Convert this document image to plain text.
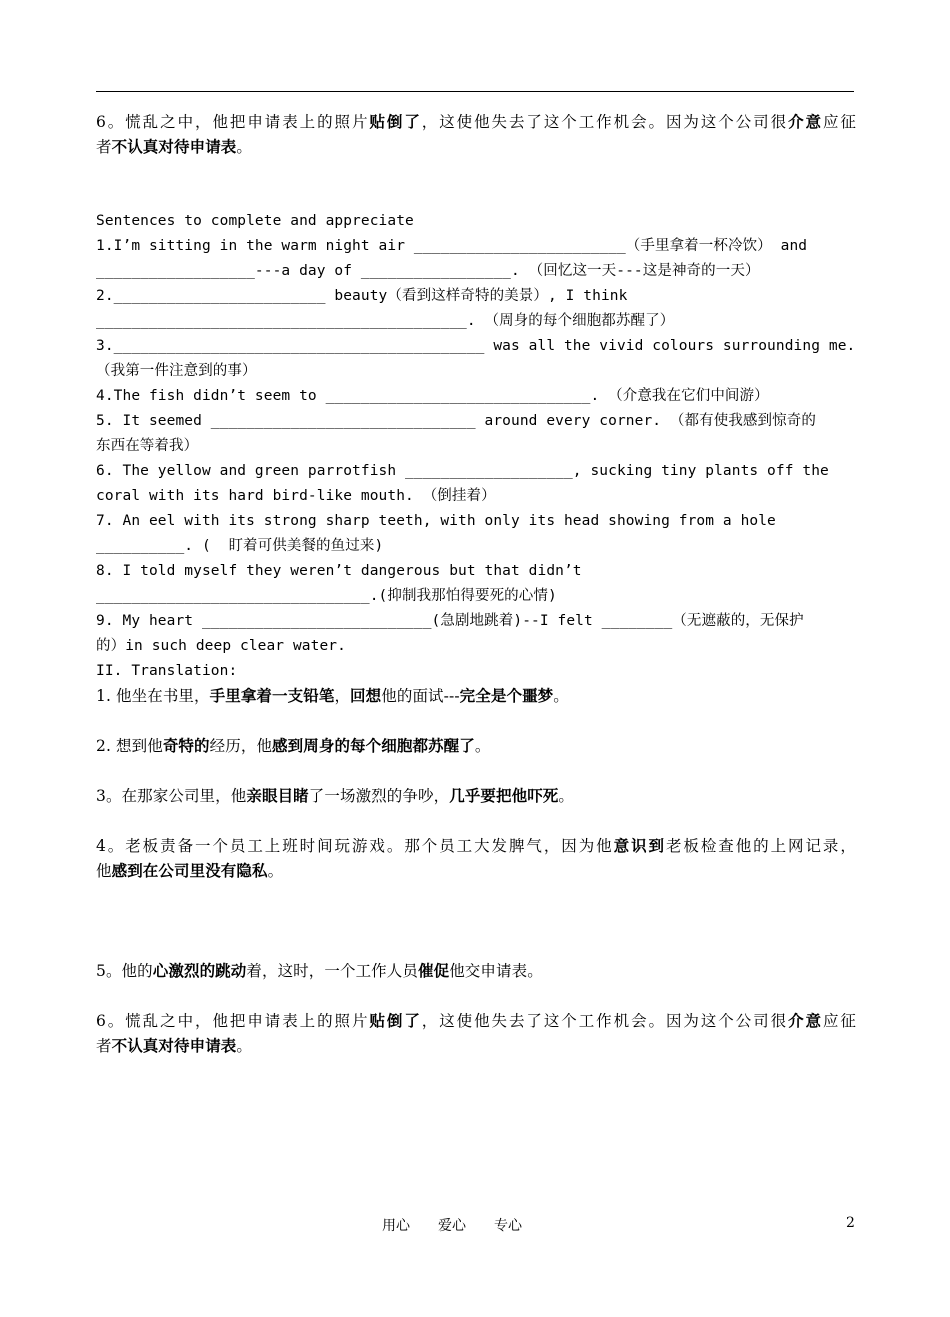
6。慌乱之中，他把申请表上的照片贴倒了，这使他失去了这个工作机会。因为这个公司很介意应征
者不认真对待申请表。
Sentences to complete and appreciate
1.I’m sitting in the warm night air ________________________（手里拿着一杯冷饮） and
__________________---a day of _________________. （回忆这一天---这是神奇的一天）
2.________________________ beauty（看到这样奇特的美景）, I think
__________________________________________. （周身的每个细胞都苏醒了）
3.__________________________________________ was all the vivid colours surrounding me.
（我第一件注意到的事）
4.The fish didn’t seem to ______________________________. （介意我在它们中间游）
5. It seemed ______________________________ around every corner. （都有使我感到惊奇的
东西在等着我）
6. The yellow and green parrotfish ___________________, sucking tiny plants off the
coral with its hard bird-like mouth. （倒挂着）
7. An eel with its strong sharp teeth, with only its head showing from a hole
__________. (  盯着可供美餐的鱼过来)
8. I told myself they weren’t dangerous but that didn’t
_______________________________.(抑制我那怕得要死的心情)
9. My heart __________________________(急剧地跳着)--I felt ________（无遮蔽的，无保护
的）in such deep clear water.
II. Translation:
1. 他坐在书里，手里拿着一支铅笔，回想他的面试---完全是个噩梦。
2. 想到他奇特的经历，他感到周身的每个细胞都苏醒了。
3。在那家公司里，他亲眼目睹了一场激烈的争吵，几乎要把他吓死。
4。老板责备一个员工上班时间玩游戏。那个员工大发脾气，因为他意识到老板检查他的上网记录，
他感到在公司里没有隐私。
5。他的心激烈的跳动着，这时，一个工作人员催促他交申请表。
6。慌乱之中，他把申请表上的照片贴倒了，这使他失去了这个工作机会。因为这个公司很介意应征
者不认真对待申请表。
用心　　爱心　　专心	2
